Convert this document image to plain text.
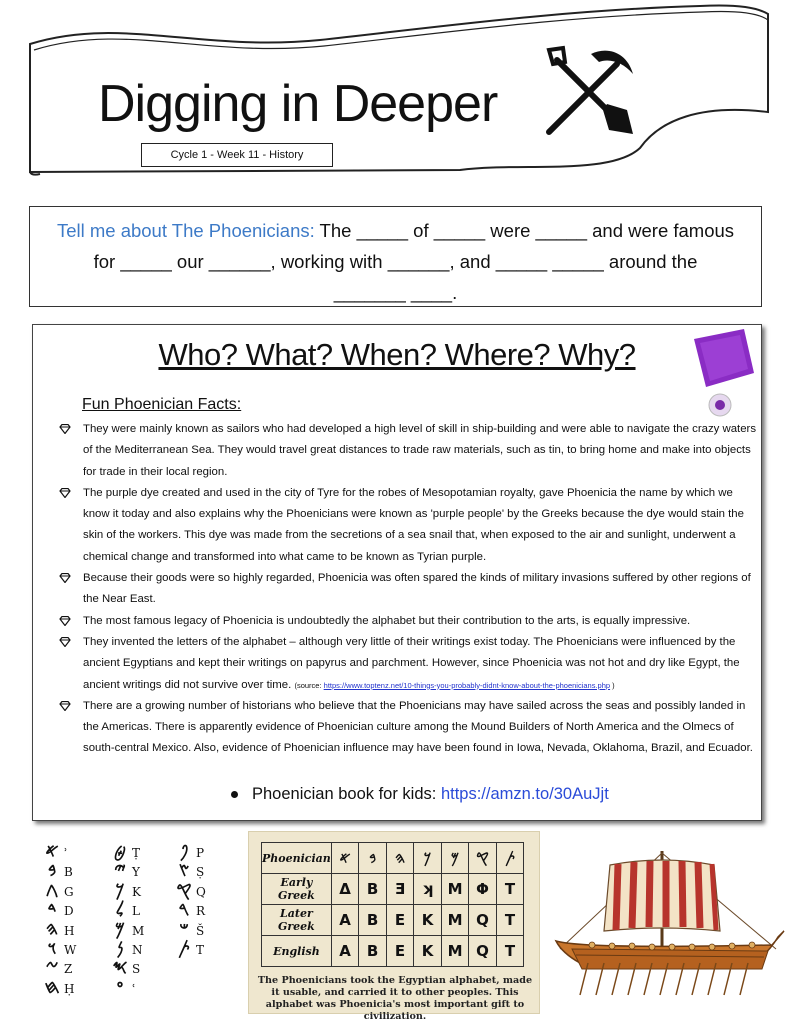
Digging in Deeper
Cycle 1 - Week 11 - History
Tell me about The Phoenicians: The _____ of _____ were _____ and were famous
for _____ our ______, working with ______, and _____ _____ around the
_______ ____.
Who? What? When? Where? Why?
Fun Phoenician Facts:
They were mainly known as sailors who had developed a high level of skill in ship-building and were able to navigate the crazy waters of the Mediterranean Sea. They would travel great distances to trade raw materials, such as tin, to bring home and make into objects for trade in their local region.
The purple dye created and used in the city of Tyre for the robes of Mesopotamian royalty, gave Phoenicia the name by which we know it today and also explains why the Phoenicians were known as 'purple people' by the Greeks because the dye would stain the skin of the workers. This dye was made from the secretions of a sea snail that, when exposed to the air and sunlight, underwent a chemical change and transformed into what came to be known as Tyrian purple.
Because their goods were so highly regarded, Phoenicia was often spared the kinds of military invasions suffered by other regions of the Near East.
The most famous legacy of Phoenicia is undoubtedly the alphabet but their contribution to the arts, is equally impressive.
They invented the letters of the alphabet – although very little of their writings exist today. The Phoenicians were influenced by the ancient Egyptians and kept their writings on papyrus and parchment. However, since Phoenicia was not hot and dry like Egypt, the ancient writings did not survive over time. (source: https://www.toptenz.net/10-things-you-probably-didnt-know-about-the-phoenicians.php )
There are a growing number of historians who believe that the Phoenicians may have sailed across the seas and possibly landed in the Americas. There is apparently evidence of Phoenician culture among the Mound Builders of North America and the Olmecs of south-central Mexico. Also, evidence of Phoenician influence may have been found in Iowa, Nevada, Oklahoma, Brazil, and Ecuador.
Phoenician book for kids: https://amzn.to/30AuJjt
𐤀 ʾ
𐤁 B
𐤂 G
𐤃 D
𐤄 H
𐤅 W
𐤆 Z
𐤇 Ḥ
𐤈 Ṭ
𐤉 Y
𐤊 K
𐤋 L
𐤌 M
𐤍 N
𐤎 S
𐤏 ʿ
𐤐 P
𐤑 Ṣ
𐤒 Q
𐤓 R
𐤔 Š
𐤕 T
Phoenician	𐤀	𐤁	𐤄	𐤊	𐤌	𐤒	𐤕
Early Greek	Δ	Β	Ǝ	ʞ	M	Φ	T
Later Greek	A	B	E	K	M	Q	T
English	A	B	E	K	M	Q	T
The Phoenicians took the Egyptian alphabet, made it usable, and carried it to other peoples. This alphabet was Phoenicia's most important gift to civilization.
